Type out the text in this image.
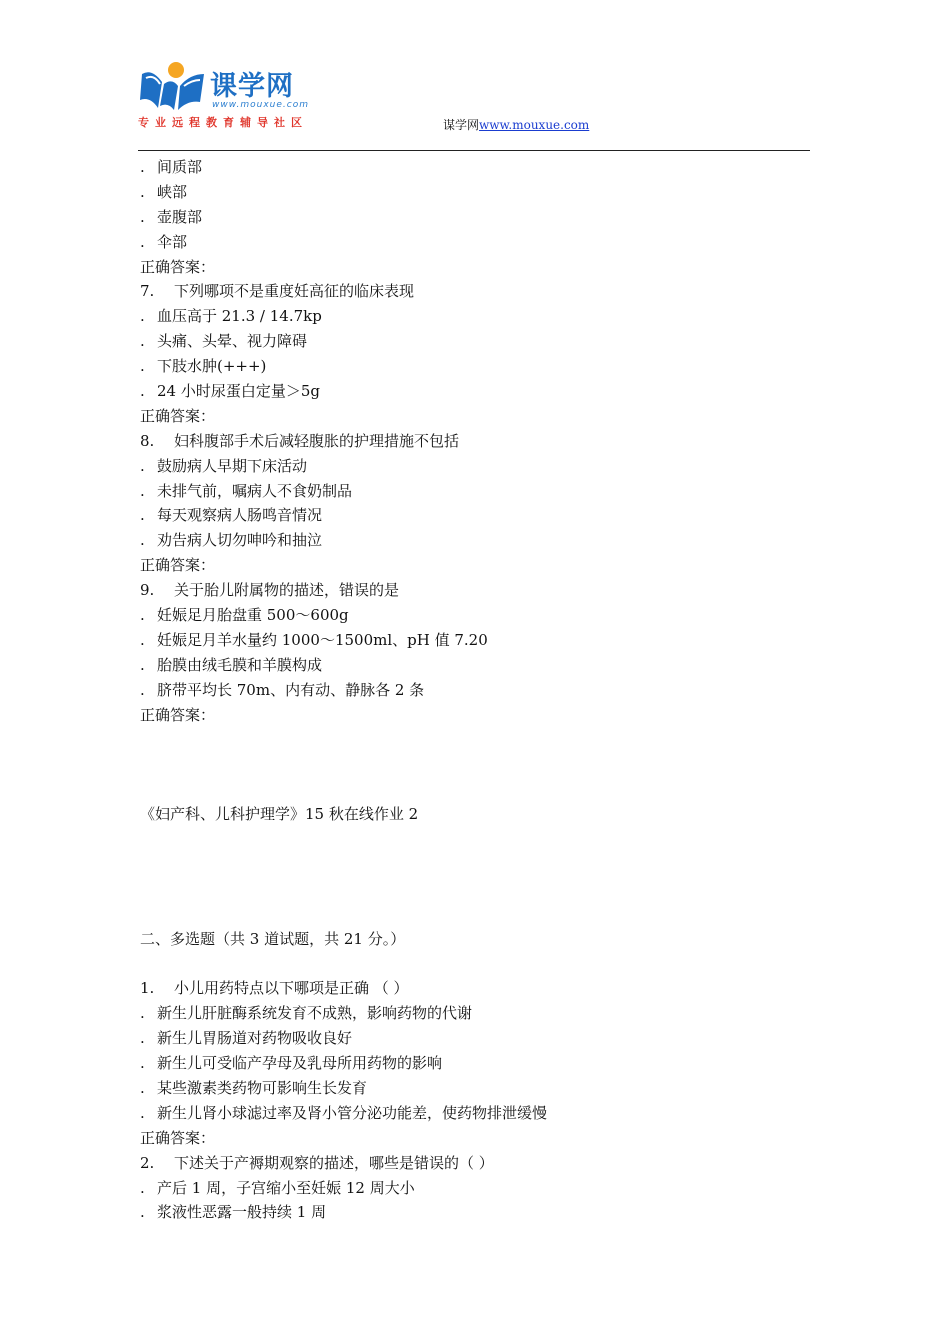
课学网
www.mouxue.com
专业远程教育辅导社区	谋学网www.mouxue.com
. 间质部
. 峡部
. 壶腹部
. 伞部
正确答案：
7. 下列哪项不是重度妊高征的临床表现
. 血压高于 21.3 / 14.7kp
. 头痛、头晕、视力障碍
. 下肢水肿(+++)
. 24 小时尿蛋白定量＞5g
正确答案：
8. 妇科腹部手术后减轻腹胀的护理措施不包括
. 鼓励病人早期下床活动
. 未排气前，嘱病人不食奶制品
. 每天观察病人肠鸣音情况
. 劝告病人切勿呻吟和抽泣
正确答案：
9. 关于胎儿附属物的描述，错误的是
. 妊娠足月胎盘重 500～600g
. 妊娠足月羊水量约 1000～1500ml、pH 值 7.20
. 胎膜由绒毛膜和羊膜构成
. 脐带平均长 70m、内有动、静脉各 2 条
正确答案：
《妇产科、儿科护理学》15 秋在线作业 2
二、多选题（共 3 道试题，共 21 分。）
1. 小儿用药特点以下哪项是正确 （ ）
. 新生儿肝脏酶系统发育不成熟，影响药物的代谢
. 新生儿胃肠道对药物吸收良好
. 新生儿可受临产孕母及乳母所用药物的影响
. 某些激素类药物可影响生长发育
. 新生儿肾小球滤过率及肾小管分泌功能差，使药物排泄缓慢
正确答案：
2. 下述关于产褥期观察的描述，哪些是错误的（ ）
. 产后 1 周，子宫缩小至妊娠 12 周大小
. 浆液性恶露一般持续 1 周
